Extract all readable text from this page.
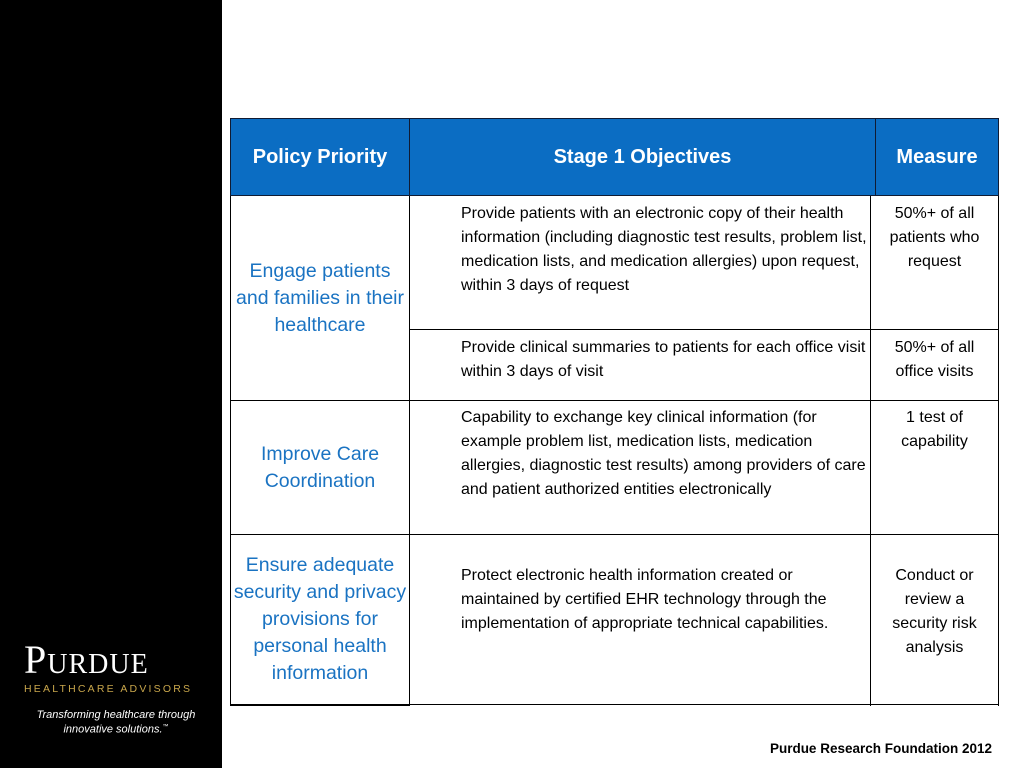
Purdue
HEALTHCARE ADVISORS
Transforming healthcare through
innovative solutions.™
Policy Priority	Stage 1 Objectives	Measure
Engage patients and families in their healthcare
Improve Care Coordination
Ensure adequate security and privacy provisions for personal health information
Provide patients with an electronic copy of their health information (including diagnostic test results, problem list, medication lists, and medication allergies) upon request, within 3 days of request
50%+ of all patients who request
Provide clinical summaries to patients for each office visit within 3 days of visit
50%+ of all office visits
Capability to exchange key clinical information (for example problem list, medication lists, medication allergies, diagnostic test results) among providers of care and patient authorized entities electronically
1 test of capability
Protect electronic health information created or maintained by certified EHR technology through the implementation of appropriate technical capabilities.
Conduct or review a security risk analysis
Purdue Research Foundation 2012
